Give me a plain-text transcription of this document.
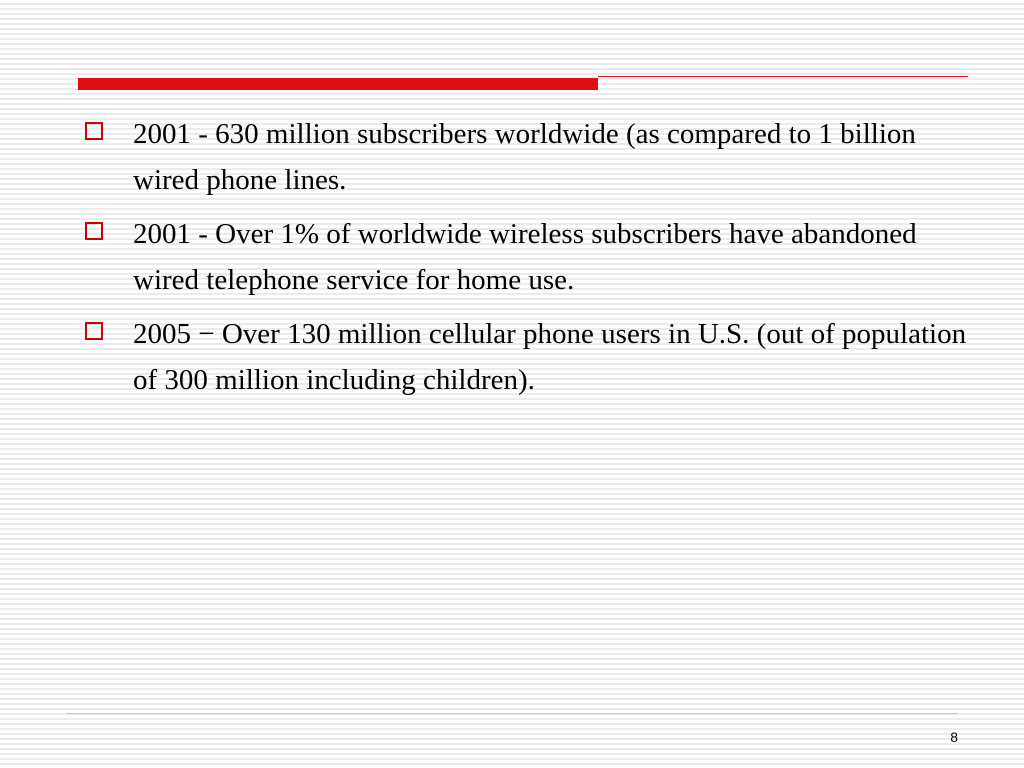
2001 - 630 million subscribers worldwide (as compared to 1 billion wired phone lines.
2001 - Over 1% of worldwide wireless subscribers have abandoned wired telephone service for home use.
2005 − Over 130 million cellular phone users in U.S. (out of population of 300 million including children).
8
